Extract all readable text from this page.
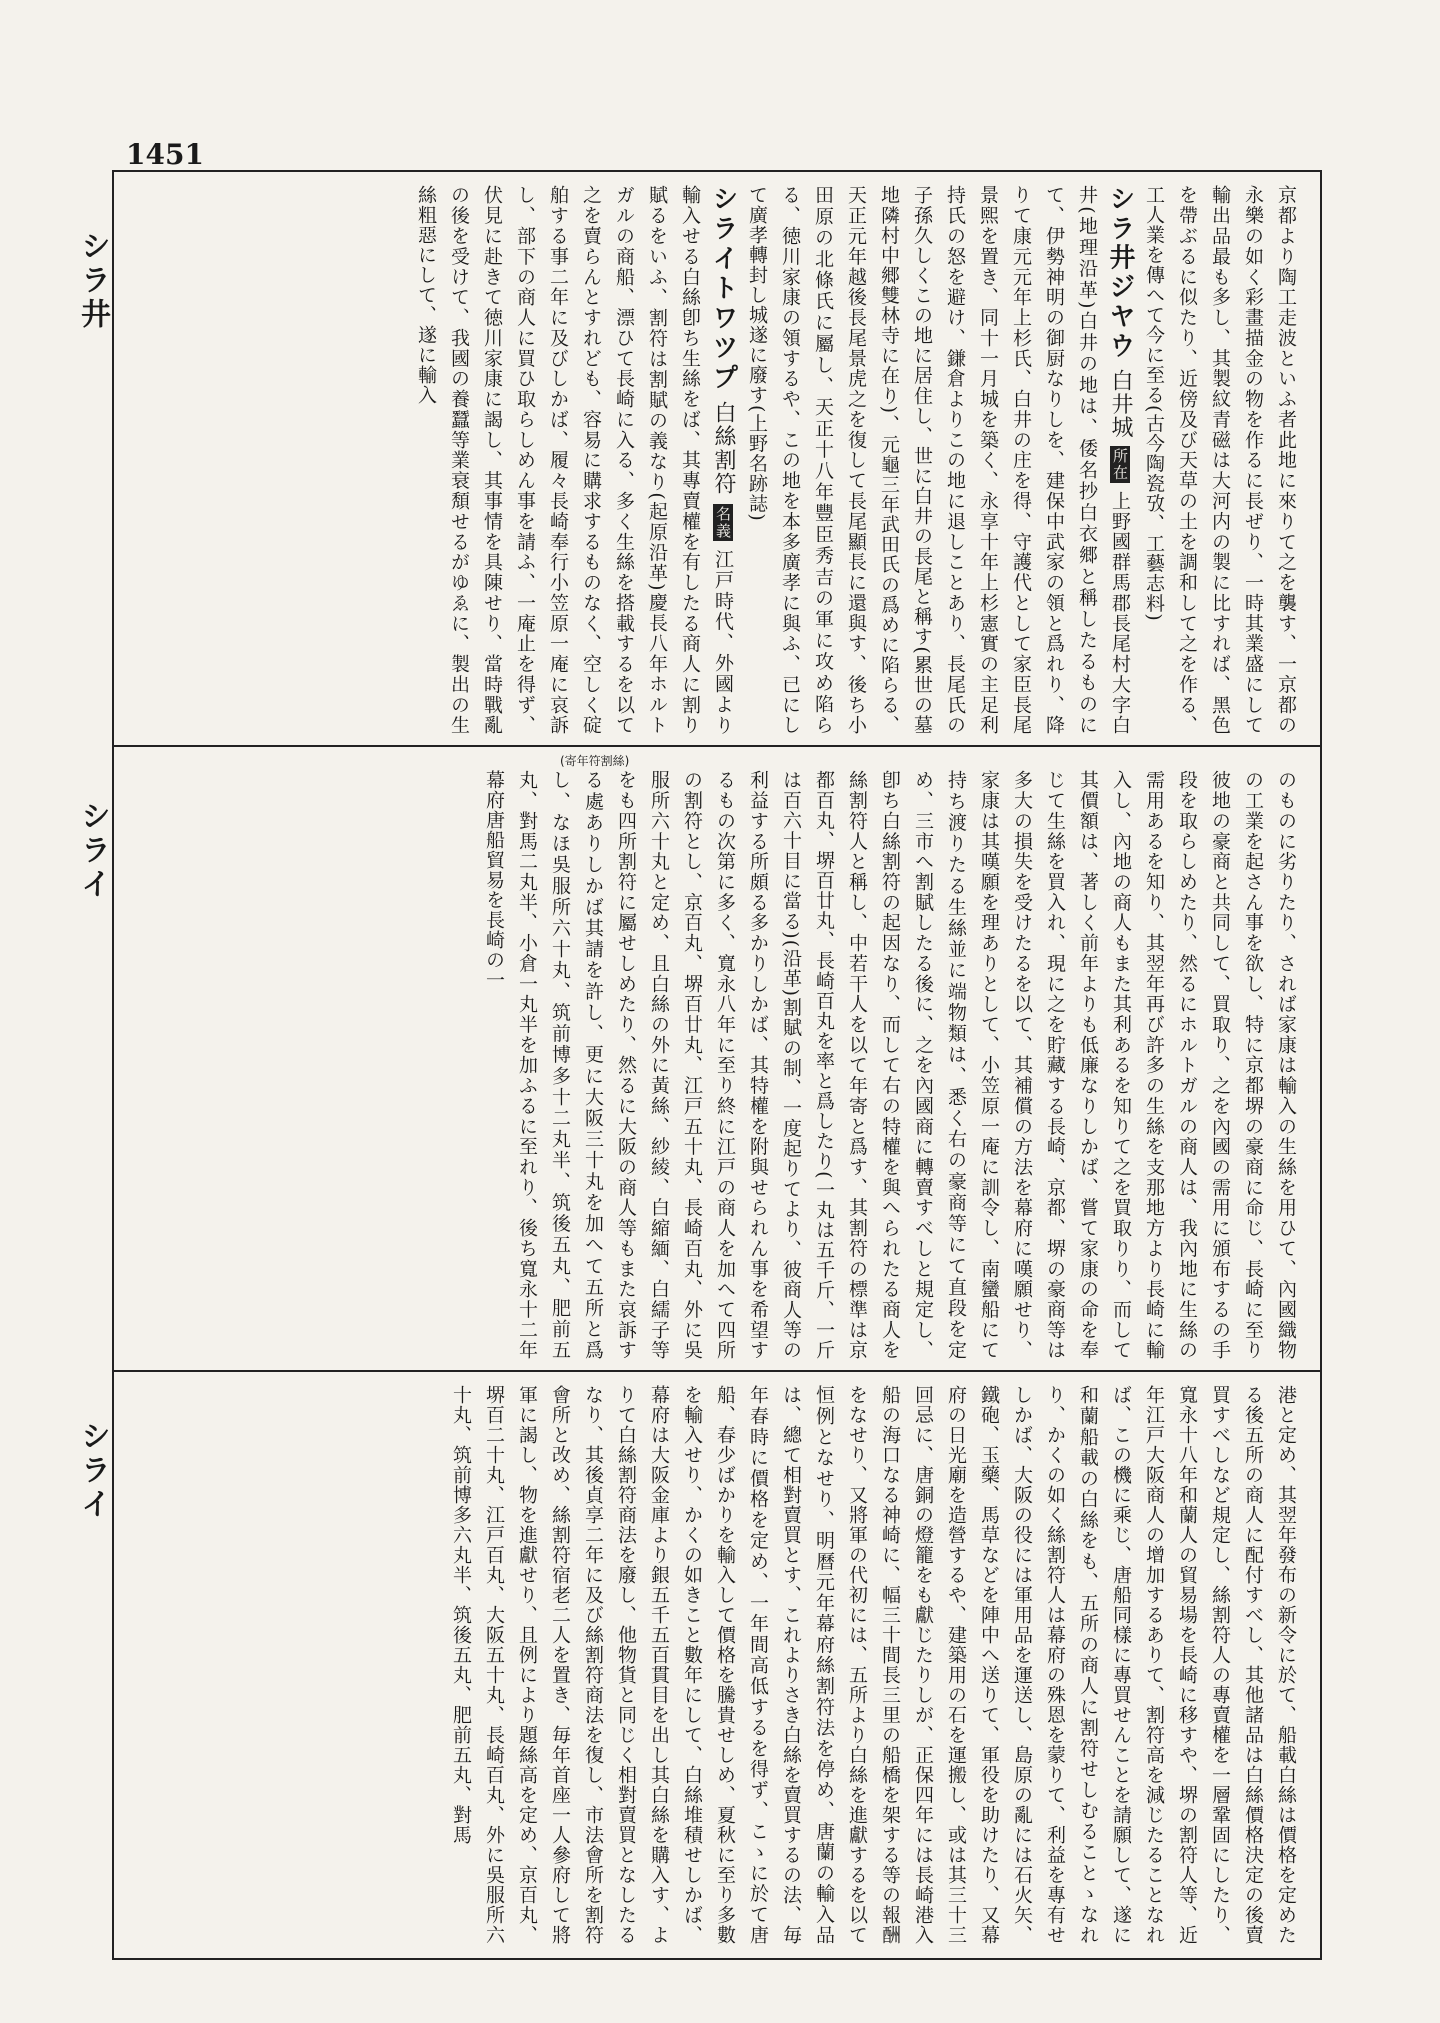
1451
シラ井
シライ
シライ
(寄年符割絲)

京都より陶工走波といふ者此地に來りて之を襲す、一京都の永樂の如く彩畫描金の物を作るに長ぜり、一時其業盛にして輸出品最も多し、其製紋青磁は大河内の製に比すれば、黑色を帶ぶるに似たり、近傍及び天草の土を調和して之を作る、工人業を傳へて今に至る(古今陶瓷攷、工藝志料)

シラ井ジヤウ 白井城 所在 上野國群馬郡長尾村大字白井(地理沿革)白井の地は、倭名抄白衣郷と稱したるものにて、伊勢神明の御厨なりしを、建保中武家の領と爲れり、降りて康元元年上杉氏、白井の庄を得、守護代として家臣長尾景煕を置き、同十一月城を築く、永享十年上杉憲實の主足利持氏の怒を避け、鎌倉よりこの地に退しことあり、長尾氏の子孫久しくこの地に居住し、世に白井の長尾と稱す(累世の墓地隣村中郷雙林寺に在り)、元龜三年武田氏の爲めに陷らる、天正元年越後長尾景虎之を復して長尾顯長に還與す、後ち小田原の北條氏に屬し、天正十八年豐臣秀吉の軍に攻め陷らる、徳川家康の領するや、この地を本多廣孝に與ふ、已にして廣孝轉封し城遂に廢す(上野名跡誌)

シライトワツプ 白絲割符 名義 江戸時代、外國より輸入せる白絲卽ち生絲をば、其專賣權を有したる商人に割り賦るをいふ、割符は割賦の義なり(起原沿革)慶長八年ホルトガルの商船、漂ひて長崎に入る、多く生絲を搭載するを以て之を賣らんとすれども、容易に購求するものなく、空しく碇舶する事二年に及びしかば、履々長崎奉行小笠原一庵に哀訴し、部下の商人に買ひ取らしめん事を請ふ、一庵止を得ず、伏見に赴きて徳川家康に謁し、其事情を具陳せり、當時戰亂の後を受けて、我國の養蠶等業衰頽せるがゆゑに、製出の生絲粗惡にして、遂に輸入

のものに劣りたり、されば家康は輸入の生絲を用ひて、內國織物の工業を起さん事を欲し、特に京都堺の豪商に命じ、長崎に至り彼地の豪商と共同して、買取り、之を內國の需用に頒布するの手段を取らしめたり、然るにホルトガルの商人は、我內地に生絲の需用あるを知り、其翌年再び許多の生絲を支那地方より長崎に輸入し、內地の商人もまた其利あるを知りて之を買取りり、而して其價額は、著しく前年よりも低廉なりしかば、嘗て家康の命を奉じて生絲を買入れ、現に之を貯藏する長崎、京都、堺の豪商等は多大の損失を受けたるを以て、其補償の方法を幕府に嘆願せり、家康は其嘆願を理ありとして、小笠原一庵に訓令し、南蠻船にて持ち渡りたる生絲並に端物類は、悉く右の豪商等にて直段を定め、三市へ割賦したる後に、之を內國商に轉賣すべしと規定し、卽ち白絲割符の起因なり、而して右の特權を與へられたる商人を絲割符人と稱し、中若干人を以て年寄と爲す、其割符の標準は京都百丸、堺百廿丸、長崎百丸を率と爲したり(一丸は五千斤、一斤は百六十目に當る)(沿革)割賦の制、一度起りてより、彼商人等の利益する所頗る多かりしかば、其特權を附與せられん事を希望するもの次第に多く、寬永八年に至り終に江戸の商人を加へて四所の割符とし、京百丸、堺百廿丸、江戸五十丸、長崎百丸、外に吳服所六十丸と定め、且白絲の外に黃絲、紗綾、白縮緬、白繻子等をも四所割符に屬せしめたり、然るに大阪の商人等もまた哀訴する處ありしかば其請を許し、更に大阪三十丸を加へて五所と爲し、なほ吳服所六十丸、筑前博多十二丸半、筑後五丸、肥前五丸、對馬二丸半、小倉一丸半を加ふるに至れり、後ち寬永十二年幕府唐船貿易を長崎の一

港と定め、其翌年發布の新令に於て、船載白絲は價格を定めたる後五所の商人に配付すべし、其他諸品は白絲價格決定の後賣買すべしなど規定し、絲割符人の專賣權を一層鞏固にしたり、寬永十八年和蘭人の貿易場を長崎に移すや、堺の割符人等、近年江戸大阪商人の增加するありて、割符高を減じたることなれば、この機に乘じ、唐船同樣に專買せんことを請願して、遂に和蘭船載の白絲をも、五所の商人に割符せしむることゝなれり、かくの如く絲割符人は幕府の殊恩を蒙りて、利益を專有せしかば、大阪の役には軍用品を運送し、島原の亂には石火矢、鐵砲、玉藥、馬草などを陣中へ送りて、軍役を助けたり、又幕府の日光廟を造營するや、建築用の石を運搬し、或は其三十三回忌に、唐銅の燈籠をも獻じたりしが、正保四年には長崎港入船の海口なる神崎に、幅三十間長三里の船橋を架する等の報酬をなせり、又將軍の代初には、五所より白絲を進獻するを以て恒例となせり、明曆元年幕府絲割符法を停め、唐蘭の輸入品は、總て相對賣買とす、これよりさき白絲を賣買するの法、毎年春時に價格を定め、一年間高低するを得ず、こゝに於て唐船、春少ばかりを輸入して價格を騰貴せしめ、夏秋に至り多數を輸入せり、かくの如きこと數年にして、白絲堆積せしかば、幕府は大阪金庫より銀五千五百貫目を出し其白絲を購入す、よりて白絲割符商法を廢し、他物貨と同じく相對賣買となしたるなり、其後貞享二年に及び絲割符商法を復し、市法會所を割符會所と改め、絲割符宿老二人を置き、毎年首座一人參府して將軍に謁し、物を進獻せり、且例により題絲高を定め、京百丸、堺百二十丸、江戸百丸、大阪五十丸、長崎百丸、外に吳服所六十丸、筑前博多六丸半、筑後五丸、肥前五丸、對馬
